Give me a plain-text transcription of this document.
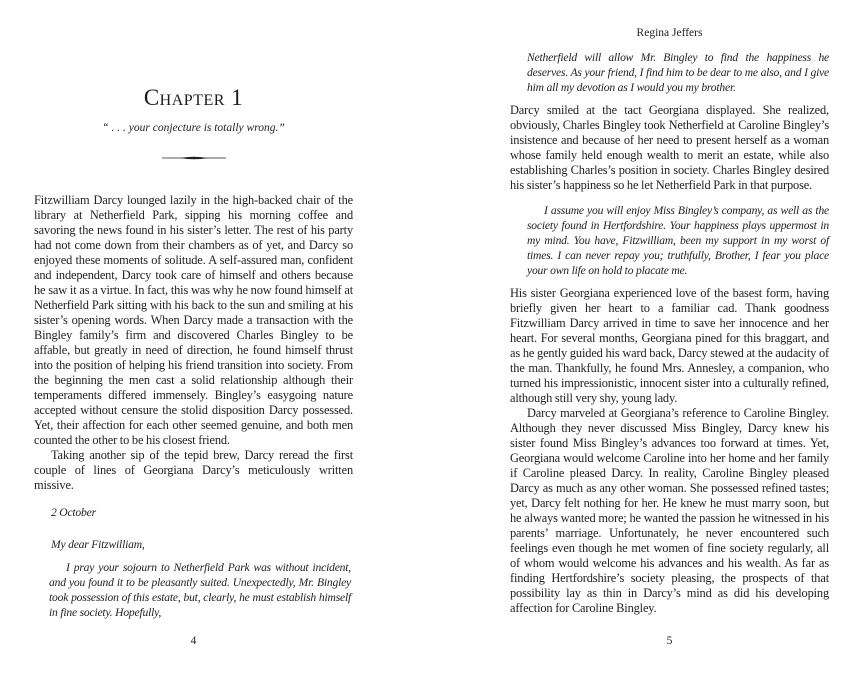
Chapter 1
“ . . . your conjecture is totally wrong.”

Fitzwilliam Darcy lounged lazily in the high-backed chair of the library at Netherfield Park, sipping his morning coffee and savoring the news found in his sister’s letter. The rest of his party had not come down from their chambers as of yet, and Darcy so enjoyed these moments of solitude. A self-assured man, confident and independent, Darcy took care of himself and others because he saw it as a virtue. In fact, this was why he now found himself at Netherfield Park sitting with his back to the sun and smiling at his sister’s opening words. When Darcy made a transaction with the Bingley family’s firm and discovered Charles Bingley to be affable, but greatly in need of direction, he found himself thrust into the position of helping his friend transition into society. From the beginning the men cast a solid relationship although their temperaments differed immensely. Bingley’s easygoing nature accepted without censure the stolid disposition Darcy possessed. Yet, their affection for each other seemed genuine, and both men counted the other to be his closest friend.

Taking another sip of the tepid brew, Darcy reread the first couple of lines of Georgiana Darcy’s meticulously written missive.

2 October
My dear Fitzwilliam,

I pray your sojourn to Netherfield Park was without incident, and you found it to be pleasantly suited. Unexpectedly, Mr. Bingley took possession of this estate, but, clearly, he must establish himself in fine society. Hopefully,

4
Regina Jeffers

Netherfield will allow Mr. Bingley to find the happiness he deserves. As your friend, I find him to be dear to me also, and I give him all my devotion as I would you my brother.

Darcy smiled at the tact Georgiana displayed. She realized, obviously, Charles Bingley took Netherfield at Caroline Bingley’s insistence and because of her need to present herself as a woman whose family held enough wealth to merit an estate, while also establishing Charles’s position in society. Charles Bingley desired his sister’s happiness so he let Netherfield Park in that purpose.

I assume you will enjoy Miss Bingley’s company, as well as the society found in Hertfordshire. Your happiness plays uppermost in my mind. You have, Fitzwilliam, been my support in my worst of times. I can never repay you; truthfully, Brother, I fear you place your own life on hold to placate me.

His sister Georgiana experienced love of the basest form, having briefly given her heart to a familiar cad. Thank goodness Fitzwilliam Darcy arrived in time to save her innocence and her heart. For several months, Georgiana pined for this braggart, and as he gently guided his ward back, Darcy stewed at the audacity of the man. Thankfully, he found Mrs. Annesley, a companion, who turned his impressionistic, innocent sister into a culturally refined, although still very shy, young lady.

Darcy marveled at Georgiana’s reference to Caroline Bingley. Although they never discussed Miss Bingley, Darcy knew his sister found Miss Bingley’s advances too forward at times. Yet, Georgiana would welcome Caroline into her home and her family if Caroline pleased Darcy. In reality, Caroline Bingley pleased Darcy as much as any other woman. She possessed refined tastes; yet, Darcy felt nothing for her. He knew he must marry soon, but he always wanted more; he wanted the passion he witnessed in his parents’ marriage. Unfortunately, he never encountered such feelings even though he met women of fine society regularly, all of whom would welcome his advances and his wealth. As far as finding Hertfordshire’s society pleasing, the prospects of that possibility lay as thin in Darcy’s mind as did his developing affection for Caroline Bingley.

5
